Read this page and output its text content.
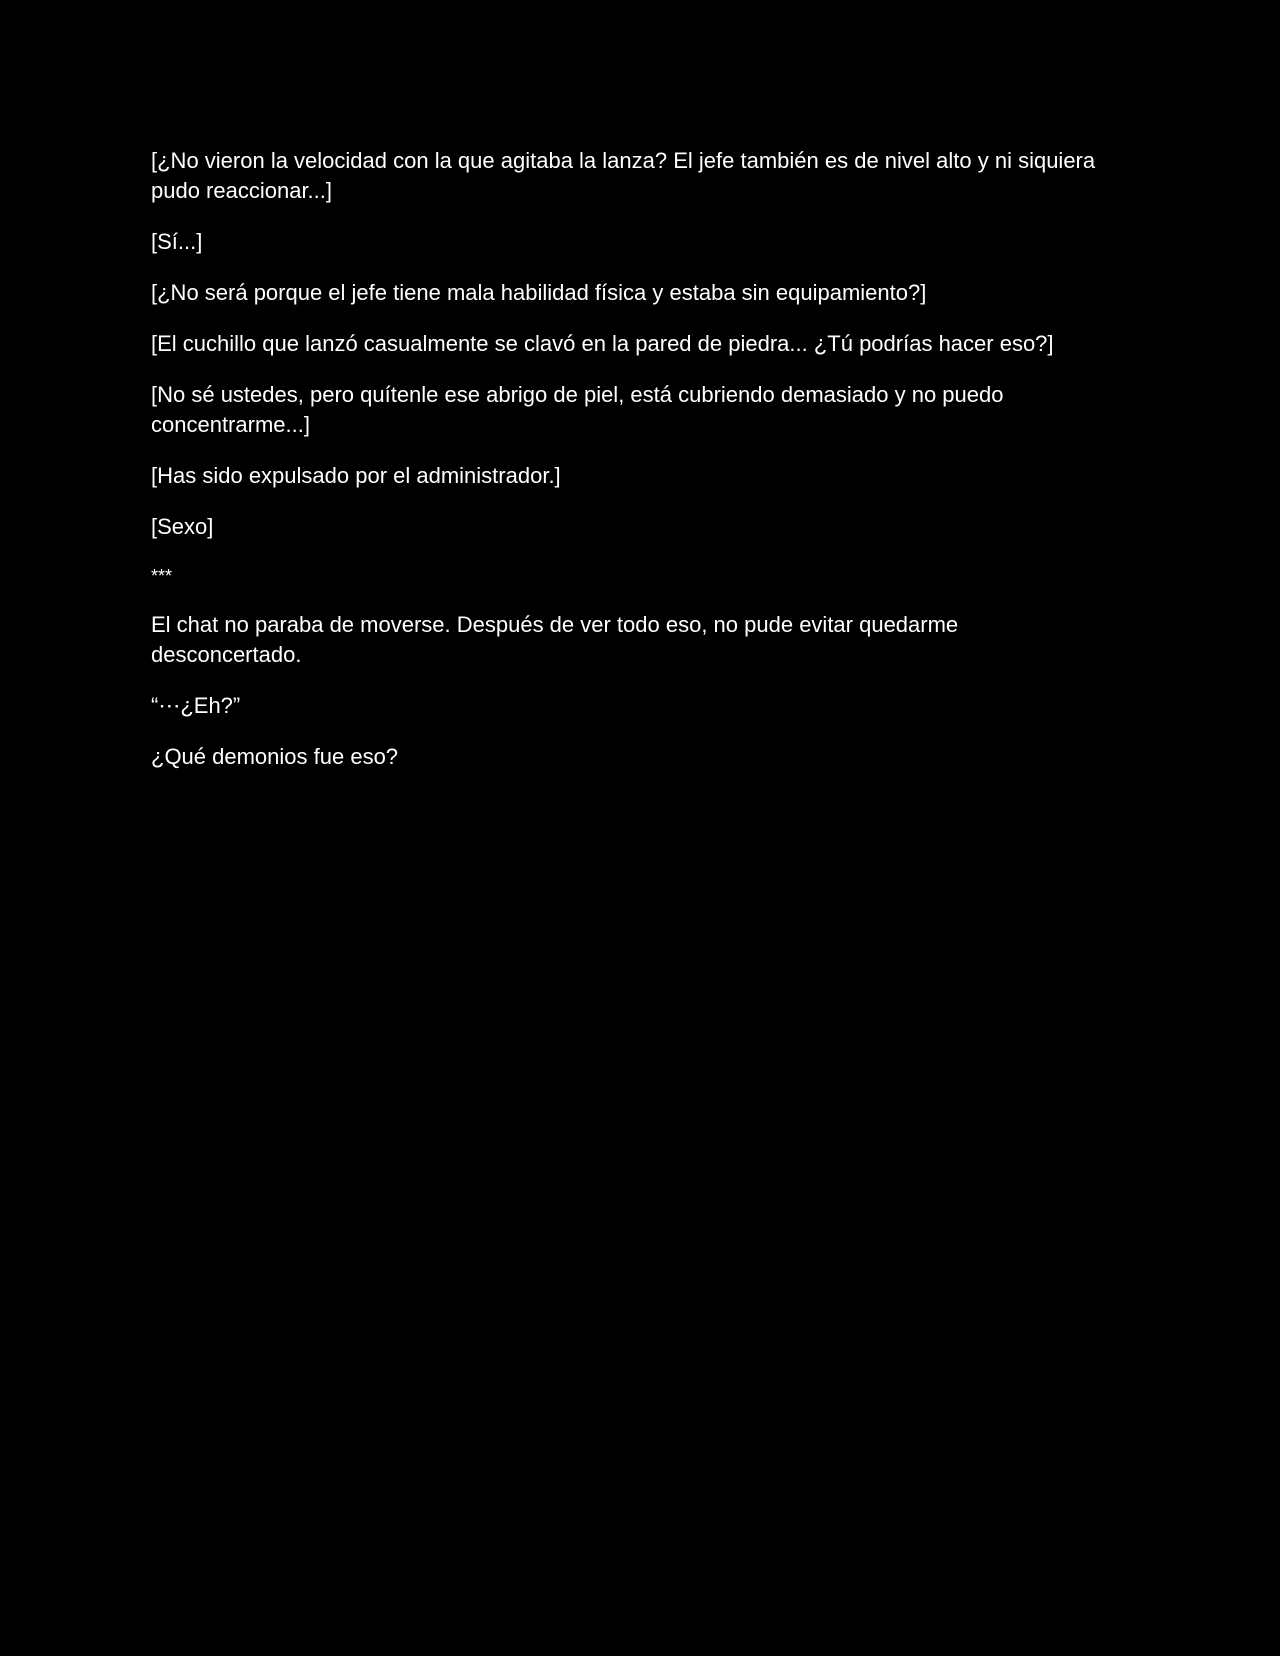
[¿No vieron la velocidad con la que agitaba la lanza? El jefe también es de nivel alto y ni siquiera pudo reaccionar...]

[Sí...]

[¿No será porque el jefe tiene mala habilidad física y estaba sin equipamiento?]

[El cuchillo que lanzó casualmente se clavó en la pared de piedra... ¿Tú podrías hacer eso?]

[No sé ustedes, pero quítenle ese abrigo de piel, está cubriendo demasiado y no puedo concentrarme...]

[Has sido expulsado por el administrador.]

[Sexo]

***

El chat no paraba de moverse. Después de ver todo eso, no pude evitar quedarme desconcertado.

“⋯¿Eh?”

¿Qué demonios fue eso?
